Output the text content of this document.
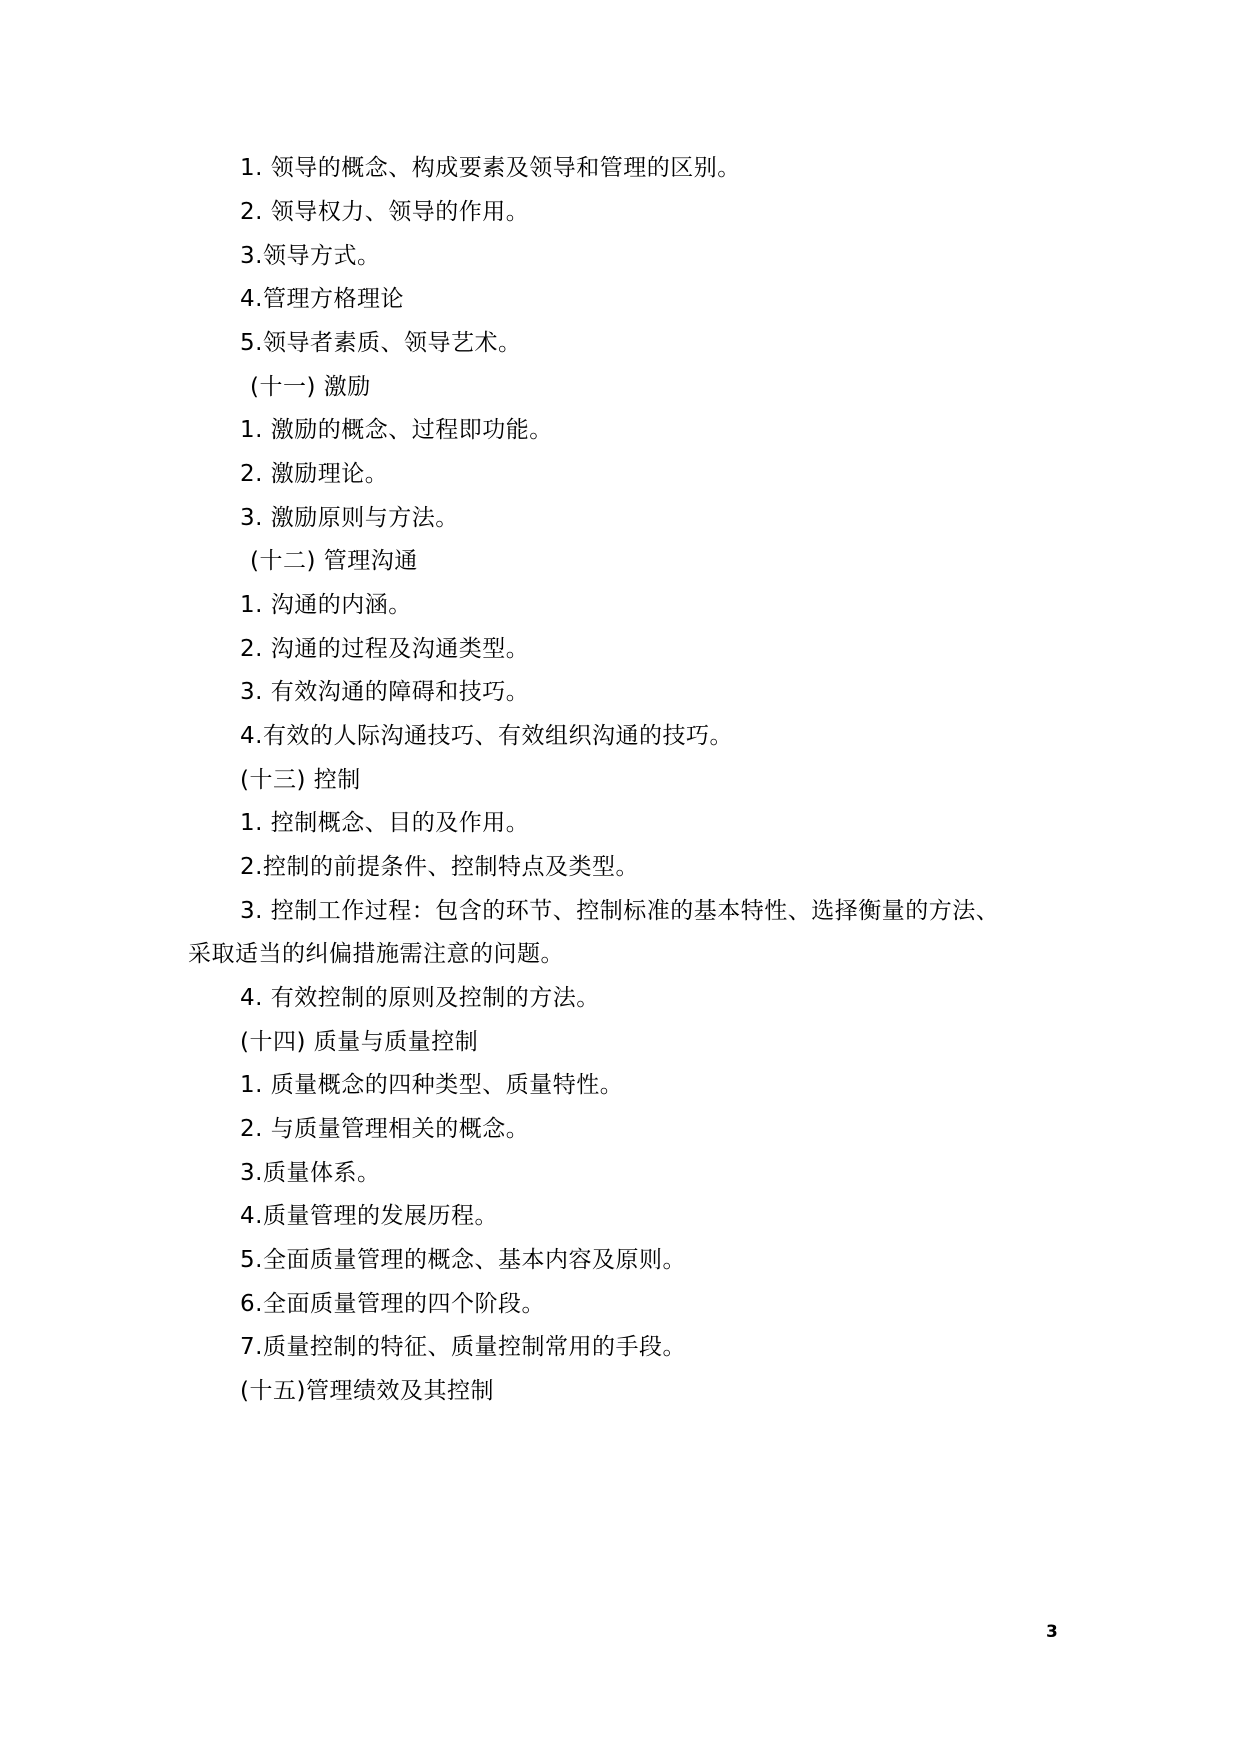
1. 领导的概念、构成要素及领导和管理的区别。
2. 领导权力、领导的作用。
3.领导方式。
4.管理方格理论
5.领导者素质、领导艺术。
(十一) 激励
1. 激励的概念、过程即功能。
2. 激励理论。
3. 激励原则与方法。
(十二) 管理沟通
1. 沟通的内涵。
2. 沟通的过程及沟通类型。
3. 有效沟通的障碍和技巧。
4.有效的人际沟通技巧、有效组织沟通的技巧。
(十三) 控制
1. 控制概念、目的及作用。
2.控制的前提条件、控制特点及类型。
3. 控制工作过程：包含的环节、控制标准的基本特性、选择衡量的方法、
采取适当的纠偏措施需注意的问题。
4. 有效控制的原则及控制的方法。
(十四) 质量与质量控制
1. 质量概念的四种类型、质量特性。
2. 与质量管理相关的概念。
3.质量体系。
4.质量管理的发展历程。
5.全面质量管理的概念、基本内容及原则。
6.全面质量管理的四个阶段。
7.质量控制的特征、质量控制常用的手段。
(十五)管理绩效及其控制
3
